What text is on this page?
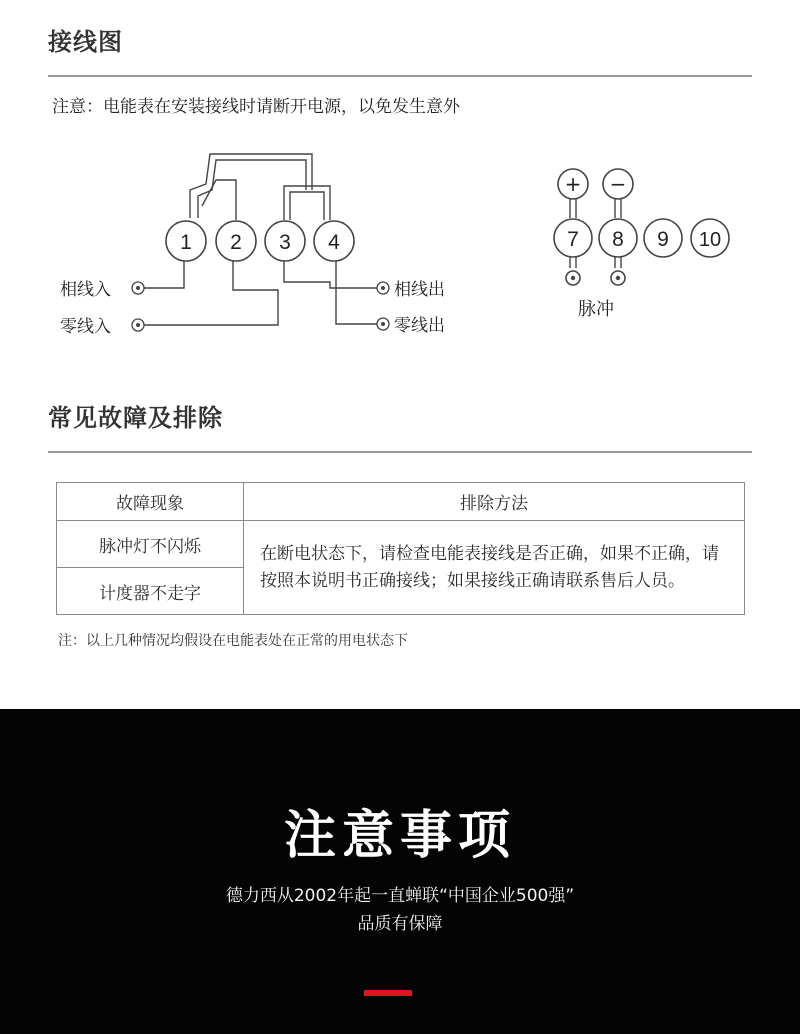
接线图
注意：电能表在安装接线时请断开电源，以免发生意外
1 2 3 4
相线入
零线入
相线出
零线出
+ −
7 8 9 10
脉冲
常见故障及排除
故障现象	排除方法
脉冲灯不闪烁	在断电状态下，请检查电能表接线是否正确，如果不正确，请按照本说明书正确接线；如果接线正确请联系售后人员。
计度器不走字	
注：以上几种情况均假设在电能表处在正常的用电状态下
注意事项
德力西从2002年起一直蝉联“中国企业500强”
品质有保障
